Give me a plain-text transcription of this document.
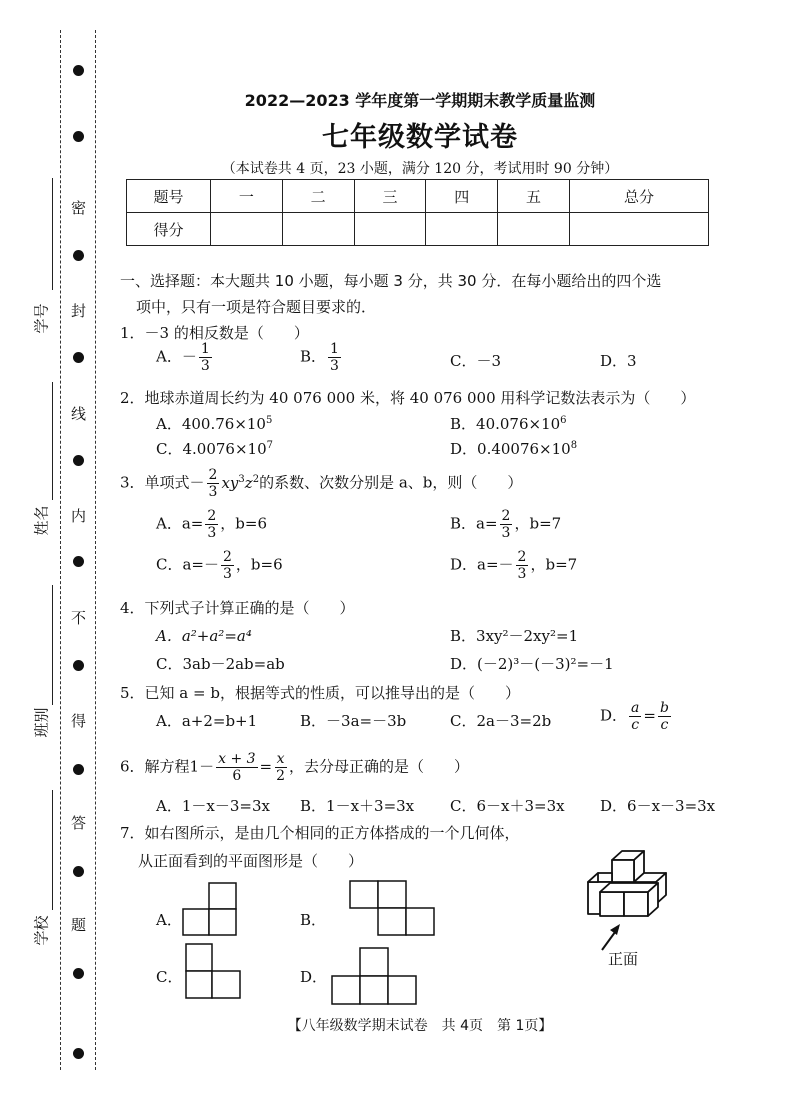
密
封
线
内
不
得
答
题
学号
姓名
班别
学校
2022—2023 学年度第一学期期末教学质量监测
七年级数学试卷
（本试卷共 4 页，23 小题，满分 120 分，考试用时 90 分钟）
题号	一	二	三	四	五	总分
得分						
一、选择题：本大题共 10 小题，每小题 3 分，共 30 分．在每小题给出的四个选
项中，只有一项是符合题目要求的．
1．－3 的相反数是（　　）
A．－ $\frac{1}{3}$	B． $\frac{1}{3}$	C．－3	D．3
2．地球赤道周长约为 40 076 000 米，将 40 076 000 用科学记数法表示为（　　）
A．$400.76\times 10^5$	B．$40.076\times 10^6$
C．$4.0076\times 10^7$	D．$0.40076\times 10^8$
3．单项式－ $\frac{2}{3} xy^3z^2$的系数、次数分别是 a、b，则（　　）
A．$a= \frac{2}{3}$ ，b=6	B．$a= \frac{2}{3}$ ，b=7
C．$a=- \frac{2}{3}$ ，b=6	D．$a=- \frac{2}{3}$ ，b=7
4．下列式子计算正确的是（　　）
A．a²+a²=a⁴	B．3xy²－2xy²=1
C．3ab－2ab=ab	D．(－2)³－(－3)²=－1
5．已知 a = b，根据等式的性质，可以推导出的是（　　）
A．a+2=b+1	B．－3a=－3b	C．2a－3=2b	D． $\frac{a}{c} = \frac{b}{c}$
6．解方程$1- \frac{x + 3}{6} = \frac{x}{2}$ ，去分母正确的是（　　）
A．1－x－3=3x B．1－x＋3=3x C．6－x＋3=3x D．6－x－3=3x
7．如右图所示，是由几个相同的正方体搭成的一个几何体，
从正面看到的平面图形是（　　）
A．	B．
C．	D．
正面
【八年级数学期末试卷　共 4页　第 1页】
